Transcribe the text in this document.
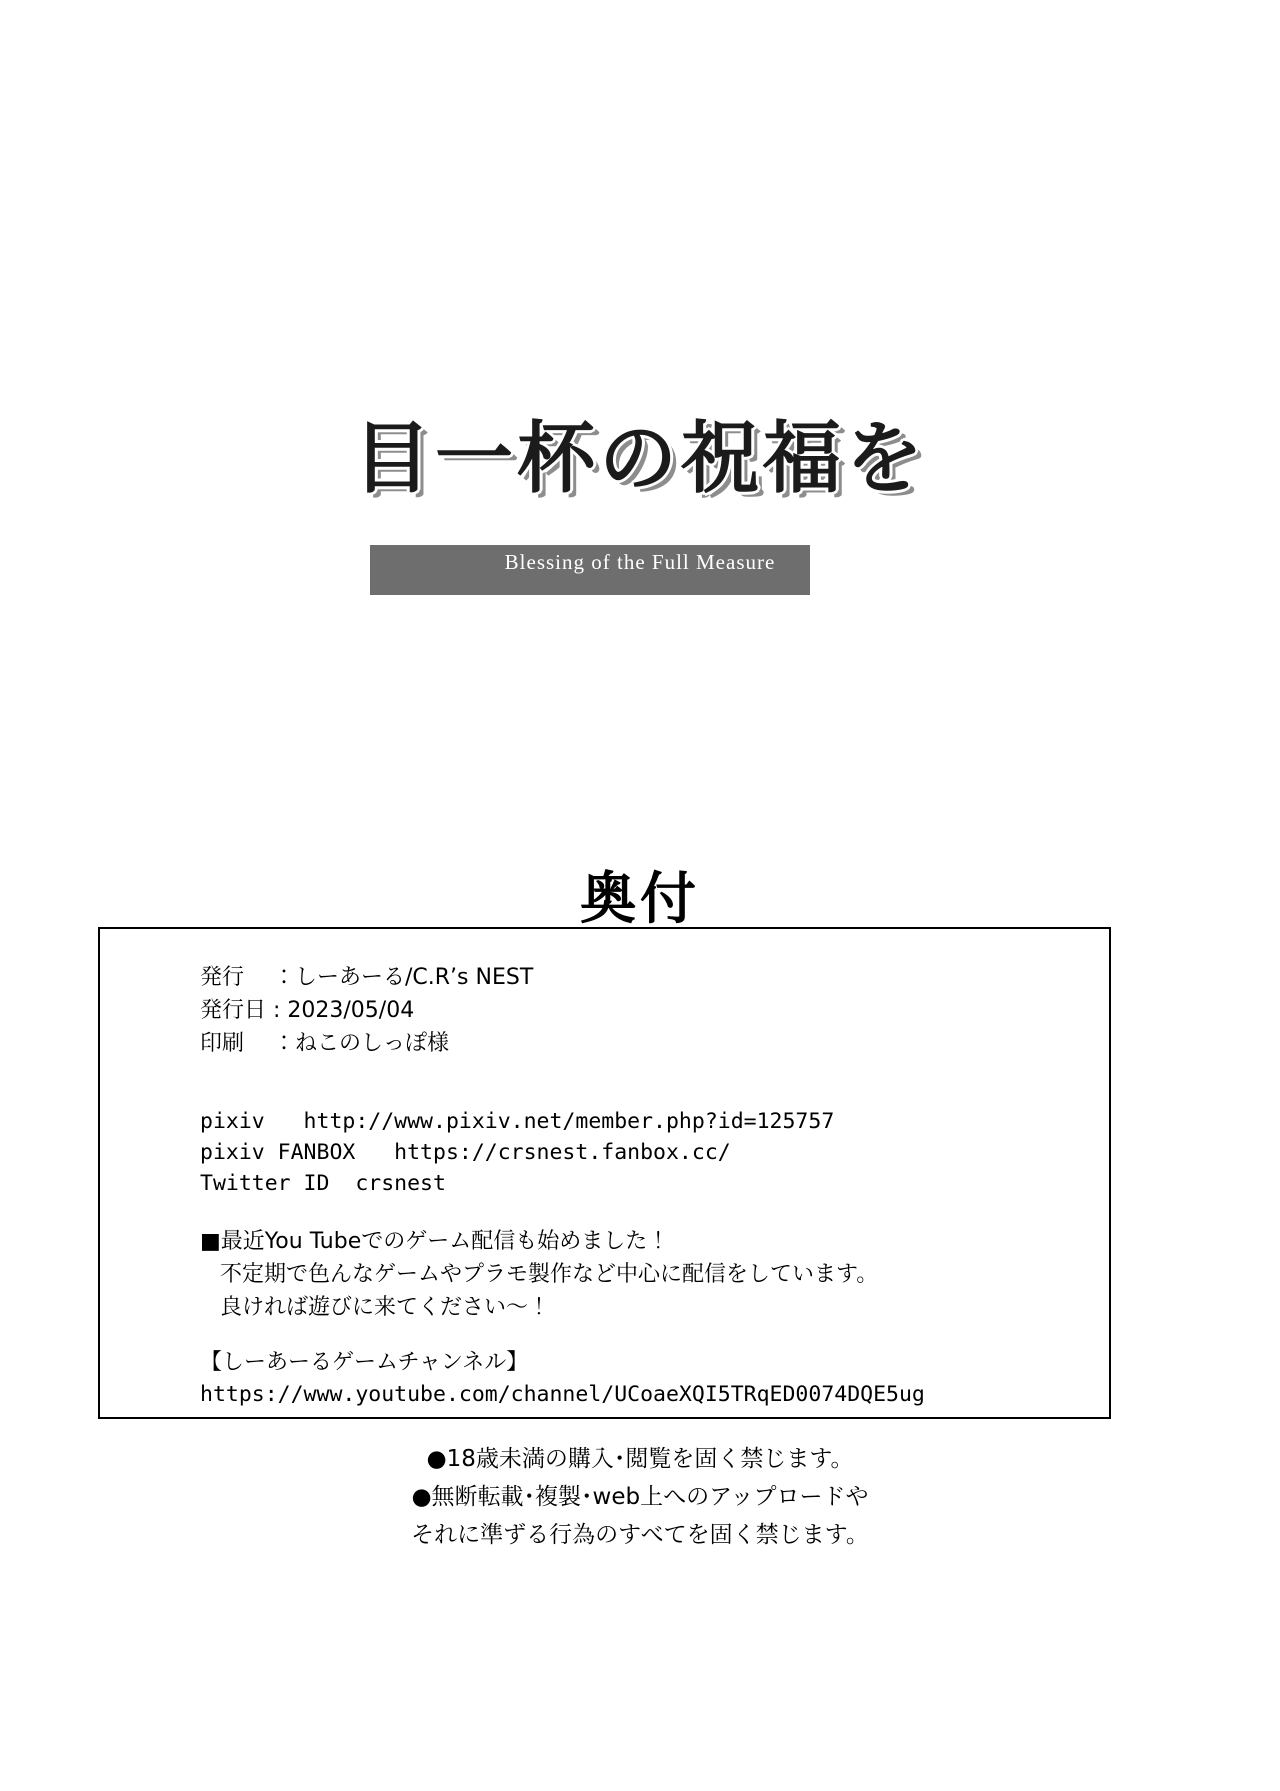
目一杯の祝福を
Blessing of the Full Measure
奥付
発行　 ：しーあーる/C.R’s NEST
発行日 : 2023/05/04
印刷　 ：ねこのしっぽ様
pixiv   http://www.pixiv.net/member.php?id=125757
pixiv FANBOX   https://crsnest.fanbox.cc/
Twitter ID  crsnest
■最近You Tubeでのゲーム配信も始めました！
不定期で色んなゲームやプラモ製作など中心に配信をしています。
良ければ遊びに来てください〜！
【しーあーるゲームチャンネル】
https://www.youtube.com/channel/UCoaeXQI5TRqED0074DQE5ug
●18歳未満の購入･閲覧を固く禁じます。
●無断転載･複製･web上へのアップロードや
それに準ずる行為のすべてを固く禁じます。
